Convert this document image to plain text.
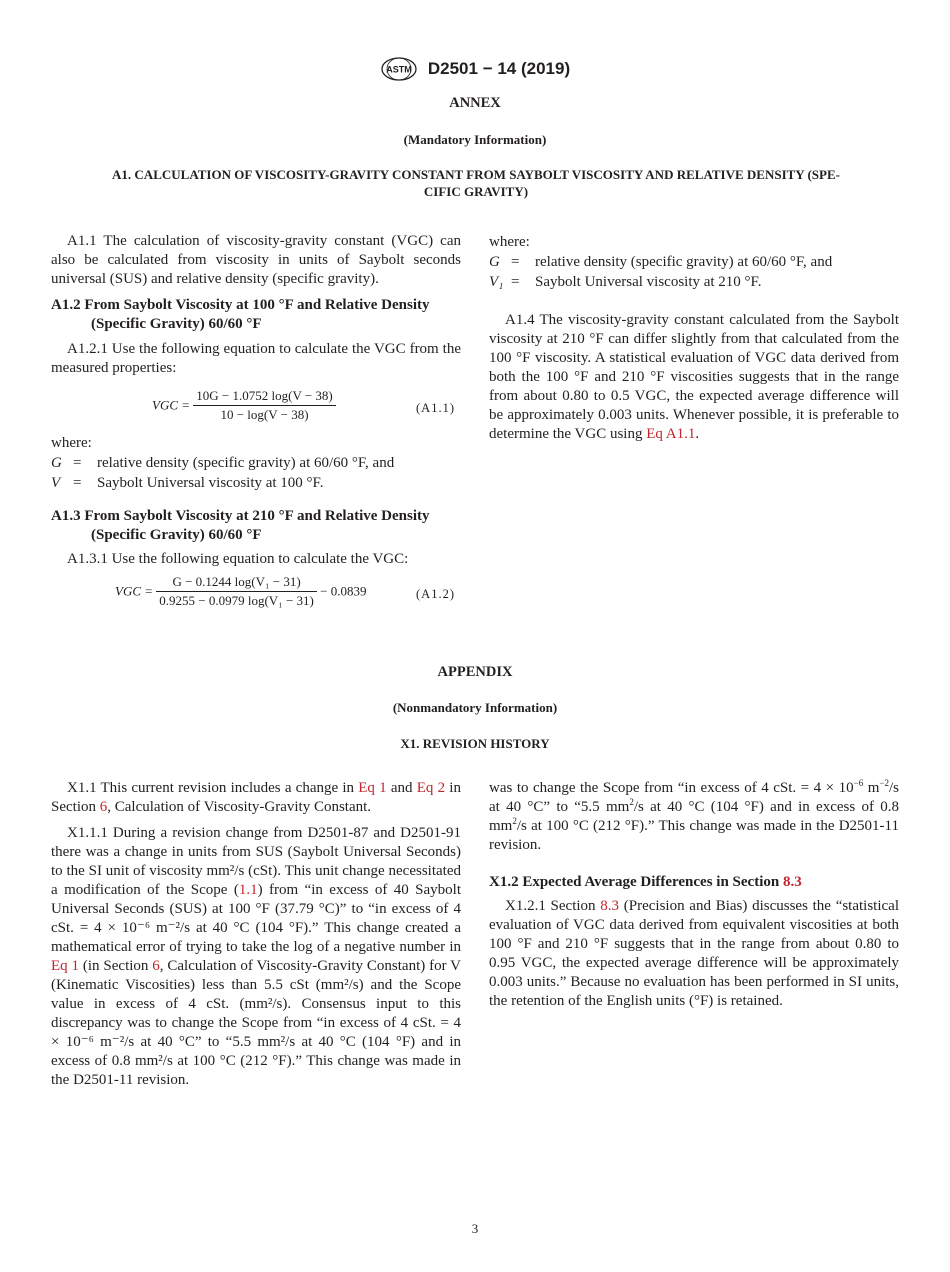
ASTM D2501 − 14 (2019)
ANNEX
(Mandatory Information)
A1. CALCULATION OF VISCOSITY-GRAVITY CONSTANT FROM SAYBOLT VISCOSITY AND RELATIVE DENSITY (SPE-
CIFIC GRAVITY)

A1.1 The calculation of viscosity-gravity constant (VGC) can also be calculated from viscosity in units of Saybolt seconds universal (SUS) and relative density (specific gravity).

A1.2 From Saybolt Viscosity at 100 °F and Relative Density (Specific Gravity) 60/60 °F

A1.2.1 Use the following equation to calculate the VGC from the measured properties:

VGC = $\frac{10G - 1.0752 \log(V - 38)}{10 - \log(V - 38)}$	(A1.1)

where:

G =	relative density (specific gravity) at 60/60 °F, and
V =	Saybolt Universal viscosity at 100 °F.

A1.3 From Saybolt Viscosity at 210 °F and Relative Density (Specific Gravity) 60/60 °F

A1.3.1 Use the following equation to calculate the VGC:

VGC = $\frac{\text{G − 0.1244 log(V₁ − 31)}}{\text{0.9255 − 0.0979 log(V₁ − 31)}} - 0.0839$	(A1.2)

where:

G =	relative density (specific gravity) at 60/60 °F, and
V₁ =	Saybolt Universal viscosity at 210 °F.

A1.4 The viscosity-gravity constant calculated from the Saybolt viscosity at 210 °F can differ slightly from that calculated from the 100 °F viscosity. A statistical evaluation of VGC data derived from both the 100 °F and 210 °F viscosities suggests that in the range from about 0.80 to 0.5 VGC, the expected average difference will be approximately 0.003 units. Whenever possible, it is preferable to determine the VGC using Eq A1.1.

APPENDIX
(Nonmandatory Information)
X1. REVISION HISTORY

X1.1 This current revision includes a change in Eq 1 and Eq 2 in Section 6, Calculation of Viscosity-Gravity Constant.

X1.1.1 During a revision change from D2501-87 and D2501-91 there was a change in units from SUS (Saybolt Universal Seconds) to the SI unit of viscosity mm²/s (cSt). This unit change necessitated a modification of the Scope (1.1) from “in excess of 40 Saybolt Universal Seconds (SUS) at 100 °F (37.79 °C)” to “in excess of 4 cSt. = 4 × 10⁻⁶ m⁻²/s at 40 °C (104 °F).” This change created a mathematical error of trying to take the log of a negative number in Eq 1 (in Section 6, Calculation of Viscosity-Gravity Constant) for V (Kinematic Viscosities) less than 5.5 cSt (mm²/s) and the Scope value in excess of 4 cSt. (mm²/s). Consensus input to this discrepancy was to change the Scope from “in excess of 4 cSt. = 4 × 10⁻⁶ m⁻²/s at 40 °C” to “5.5 mm²/s at 40 °C (104 °F) and in excess of 0.8 mm²/s at 100 °C (212 °F).” This change was made in the D2501-11 revision.

was to change the Scope from “in excess of 4 cSt. = $4 \times 10^{-6}$ $m^{-2}/s$ at 40 °C” to “5.5 $mm^2/s$ at 40 °C (104 °F) and in excess of 0.8 $mm^2/s$ at 100 °C (212 °F).” This change was made in the D2501-11 revision.

X1.2 Expected Average Differences in Section 8.3

X1.2.1 Section 8.3 (Precision and Bias) discusses the “statistical evaluation of VGC data derived from equivalent viscosities at both 100 °F and 210 °F suggests that in the range from about 0.80 to 0.95 VGC, the expected average difference will be approximately 0.003 units.” Because no evaluation has been performed in SI units, the retention of the English units (°F) is retained.

3
